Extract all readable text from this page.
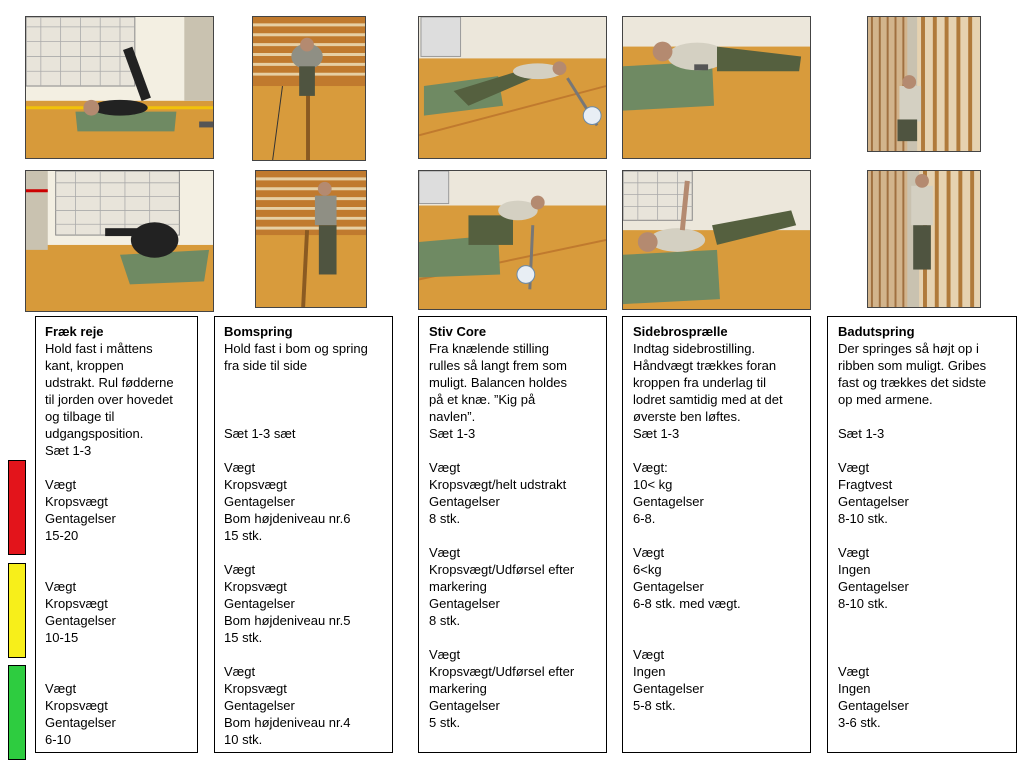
Fræk reje
Hold fast i måttens
kant, kroppen
udstrakt. Rul fødderne
til jorden over hovedet
og tilbage til
udgangsposition.
Sæt 1-3
Vægt
Kropsvægt
Gentagelser
15-20
Vægt
Kropsvægt
Gentagelser
10-15
Vægt
Kropsvægt
Gentagelser
6-10
Bomspring
Hold fast i bom og spring
fra side til side
Sæt 1-3 sæt
Vægt
Kropsvægt
Gentagelser
Bom højdeniveau nr.6
15 stk.
Vægt
Kropsvægt
Gentagelser
Bom højdeniveau nr.5
15 stk.
Vægt
Kropsvægt
Gentagelser
Bom højdeniveau nr.4
10 stk.
Stiv Core
Fra knælende stilling
rulles så langt frem som
muligt. Balancen holdes
på et knæ. ”Kig på
navlen”.
Sæt 1-3
Vægt
Kropsvægt/helt udstrakt
Gentagelser
8 stk.
Vægt
Kropsvægt/Udførsel efter
markering
Gentagelser
8 stk.
Vægt
Kropsvægt/Udførsel efter
markering
Gentagelser
5 stk.
Sidebrosprælle
Indtag sidebrostilling.
Håndvægt trækkes foran
kroppen fra underlag til
lodret samtidig med at det
øverste ben løftes.
Sæt 1-3
Vægt:
10< kg
Gentagelser
6-8.
Vægt
6<kg
Gentagelser
6-8 stk. med vægt.
Vægt
Ingen
Gentagelser
5-8 stk.
Badutspring
Der springes så højt op i
ribben som muligt. Gribes
fast og trækkes det sidste
op med armene.
Sæt 1-3
Vægt
Fragtvest
Gentagelser
8-10 stk.
Vægt
Ingen
Gentagelser
8-10 stk.
Vægt
Ingen
Gentagelser
3-6 stk.
